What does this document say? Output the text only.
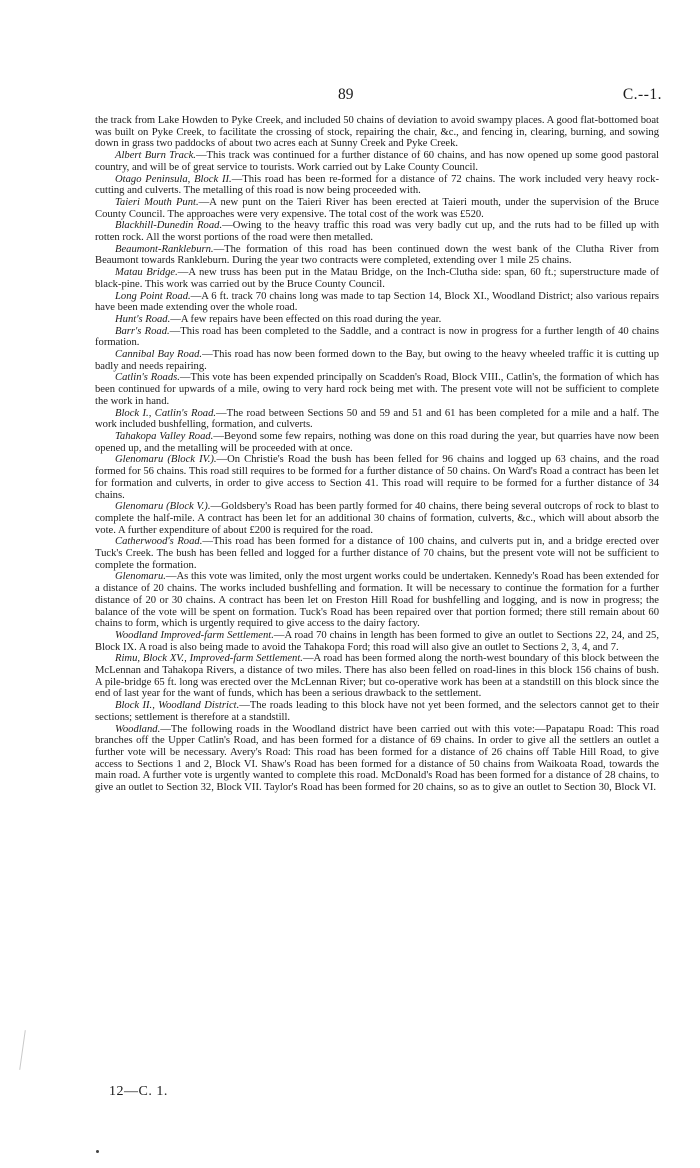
89	C.--1.

the track from Lake Howden to Pyke Creek, and included 50 chains of deviation to avoid swampy places. A good flat-bottomed boat was built on Pyke Creek, to facilitate the crossing of stock, repairing the chair, &c., and fencing in, clearing, burning, and sowing down in grass two paddocks of about two acres each at Sunny Creek and Pyke Creek.

Albert Burn Track.—This track was continued for a further distance of 60 chains, and has now opened up some good pastoral country, and will be of great service to tourists. Work carried out by Lake County Council.

Otago Peninsula, Block II.—This road has been re-formed for a distance of 72 chains. The work included very heavy rock-cutting and culverts. The metalling of this road is now being proceeded with.

Taieri Mouth Punt.—A new punt on the Taieri River has been erected at Taieri mouth, under the supervision of the Bruce County Council. The approaches were very expensive. The total cost of the work was £520.

Blackhill-Dunedin Road.—Owing to the heavy traffic this road was very badly cut up, and the ruts had to be filled up with rotten rock. All the worst portions of the road were then metalled.

Beaumont-Rankleburn.—The formation of this road has been continued down the west bank of the Clutha River from Beaumont towards Rankleburn. During the year two contracts were completed, extending over 1 mile 25 chains.

Matau Bridge.—A new truss has been put in the Matau Bridge, on the Inch-Clutha side: span, 60 ft.; superstructure made of black-pine. This work was carried out by the Bruce County Council.

Long Point Road.—A 6 ft. track 70 chains long was made to tap Section 14, Block XI., Woodland District; also various repairs have been made extending over the whole road.

Hunt's Road.—A few repairs have been effected on this road during the year.

Barr's Road.—This road has been completed to the Saddle, and a contract is now in progress for a further length of 40 chains formation.

Cannibal Bay Road.—This road has now been formed down to the Bay, but owing to the heavy wheeled traffic it is cutting up badly and needs repairing.

Catlin's Roads.—This vote has been expended principally on Scadden's Road, Block VIII., Catlin's, the formation of which has been continued for upwards of a mile, owing to very hard rock being met with. The present vote will not be sufficient to complete the work in hand.

Block I., Catlin's Road.—The road between Sections 50 and 59 and 51 and 61 has been completed for a mile and a half. The work included bushfelling, formation, and culverts.

Tahakopa Valley Road.—Beyond some few repairs, nothing was done on this road during the year, but quarries have now been opened up, and the metalling will be proceeded with at once.

Glenomaru (Block IV.).—On Christie's Road the bush has been felled for 96 chains and logged up 63 chains, and the road formed for 56 chains. This road still requires to be formed for a further distance of 50 chains. On Ward's Road a contract has been let for formation and culverts, in order to give access to Section 41. This road will require to be formed for a further distance of 34 chains.

Glenomaru (Block V.).—Goldsbery's Road has been partly formed for 40 chains, there being several outcrops of rock to blast to complete the half-mile. A contract has been let for an additional 30 chains of formation, culverts, &c., which will about absorb the vote. A further expenditure of about £200 is required for the road.

Catherwood's Road.—This road has been formed for a distance of 100 chains, and culverts put in, and a bridge erected over Tuck's Creek. The bush has been felled and logged for a further distance of 70 chains, but the present vote will not be sufficient to complete the formation.

Glenomaru.—As this vote was limited, only the most urgent works could be undertaken. Kennedy's Road has been extended for a distance of 20 chains. The works included bushfelling and formation. It will be necessary to continue the formation for a further distance of 20 or 30 chains. A contract has been let on Freston Hill Road for bushfelling and logging, and is now in progress; the balance of the vote will be spent on formation. Tuck's Road has been repaired over that portion formed; there still remain about 60 chains to form, which is urgently required to give access to the dairy factory.

Woodland Improved-farm Settlement.—A road 70 chains in length has been formed to give an outlet to Sections 22, 24, and 25, Block IX. A road is also being made to avoid the Tahakopa Ford; this road will also give an outlet to Sections 2, 3, 4, and 7.

Rimu, Block XV., Improved-farm Settlement.—A road has been formed along the north-west boundary of this block between the McLennan and Tahakopa Rivers, a distance of two miles. There has also been felled on road-lines in this block 156 chains of bush. A pile-bridge 65 ft. long was erected over the McLennan River; but co-operative work has been at a standstill on this block since the end of last year for the want of funds, which has been a serious drawback to the settlement.

Block II., Woodland District.—The roads leading to this block have not yet been formed, and the selectors cannot get to their sections; settlement is therefore at a standstill.

Woodland.—The following roads in the Woodland district have been carried out with this vote:—Papatapu Road: This road branches off the Upper Catlin's Road, and has been formed for a distance of 69 chains. In order to give all the settlers an outlet a further vote will be necessary. Avery's Road: This road has been formed for a distance of 26 chains off Table Hill Road, to give access to Sections 1 and 2, Block VI. Shaw's Road has been formed for a distance of 50 chains from Waikoata Road, towards the main road. A further vote is urgently wanted to complete this road. McDonald's Road has been formed for a distance of 28 chains, to give an outlet to Section 32, Block VII. Taylor's Road has been formed for 20 chains, so as to give an outlet to Section 30, Block VI.

12—C. 1.
